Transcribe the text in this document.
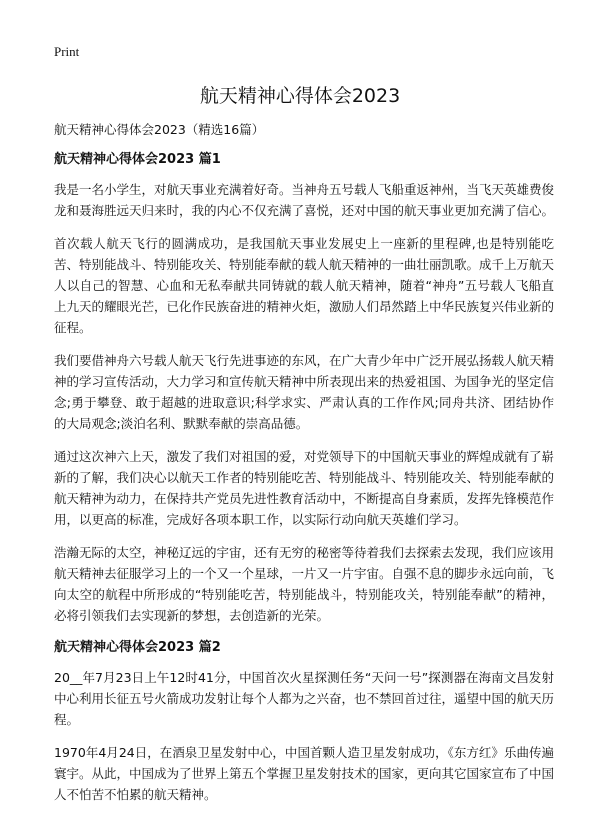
Print
航天精神心得体会2023
航天精神心得体会2023（精选16篇）
航天精神心得体会2023 篇1

我是一名小学生，对航天事业充满着好奇。当神舟五号载人飞船重返神州，当飞天英雄费俊龙和聂海胜远天归来时，我的内心不仅充满了喜悦，还对中国的航天事业更加充满了信心。

首次载人航天飞行的圆满成功，是我国航天事业发展史上一座新的里程碑,也是特别能吃苦、特别能战斗、特别能攻关、特别能奉献的载人航天精神的一曲壮丽凯歌。成千上万航天人以自己的智慧、心血和无私奉献共同铸就的载人航天精神，随着“神舟”五号载人飞船直上九天的耀眼光芒，已化作民族奋进的精神火炬，激励人们昂然踏上中华民族复兴伟业新的征程。

我们要借神舟六号载人航天飞行先进事迹的东风，在广大青少年中广泛开展弘扬载人航天精神的学习宣传活动，大力学习和宣传航天精神中所表现出来的热爱祖国、为国争光的坚定信念;勇于攀登、敢于超越的进取意识;科学求实、严肃认真的工作作风;同舟共济、团结协作的大局观念;淡泊名利、默默奉献的崇高品德。

通过这次神六上天，激发了我们对祖国的爱，对党领导下的中国航天事业的辉煌成就有了崭新的了解，我们决心以航天工作者的特别能吃苦、特别能战斗、特别能攻关、特别能奉献的航天精神为动力，在保持共产党员先进性教育活动中，不断提高自身素质，发挥先锋模范作用，以更高的标准，完成好各项本职工作，以实际行动向航天英雄们学习。

浩瀚无际的太空，神秘辽远的宇宙，还有无穷的秘密等待着我们去探索去发现，我们应该用航天精神去征服学习上的一个又一个星球，一片又一片宇宙。自强不息的脚步永远向前，飞向太空的航程中所形成的“特别能吃苦，特别能战斗，特别能攻关，特别能奉献”的精神，必将引领我们去实现新的梦想，去创造新的光荣。

航天精神心得体会2023 篇2

20__年7月23日上午12时41分，中国首次火星探测任务“天问一号”探测器在海南文昌发射中心利用长征五号火箭成功发射让每个人都为之兴奋，也不禁回首过往，遥望中国的航天历程。

1970年4月24日，在酒泉卫星发射中心，中国首颗人造卫星发射成功，《东方红》乐曲传遍寰宇。从此，中国成为了世界上第五个掌握卫星发射技术的国家，更向其它国家宣布了中国人不怕苦不怕累的航天精神。
